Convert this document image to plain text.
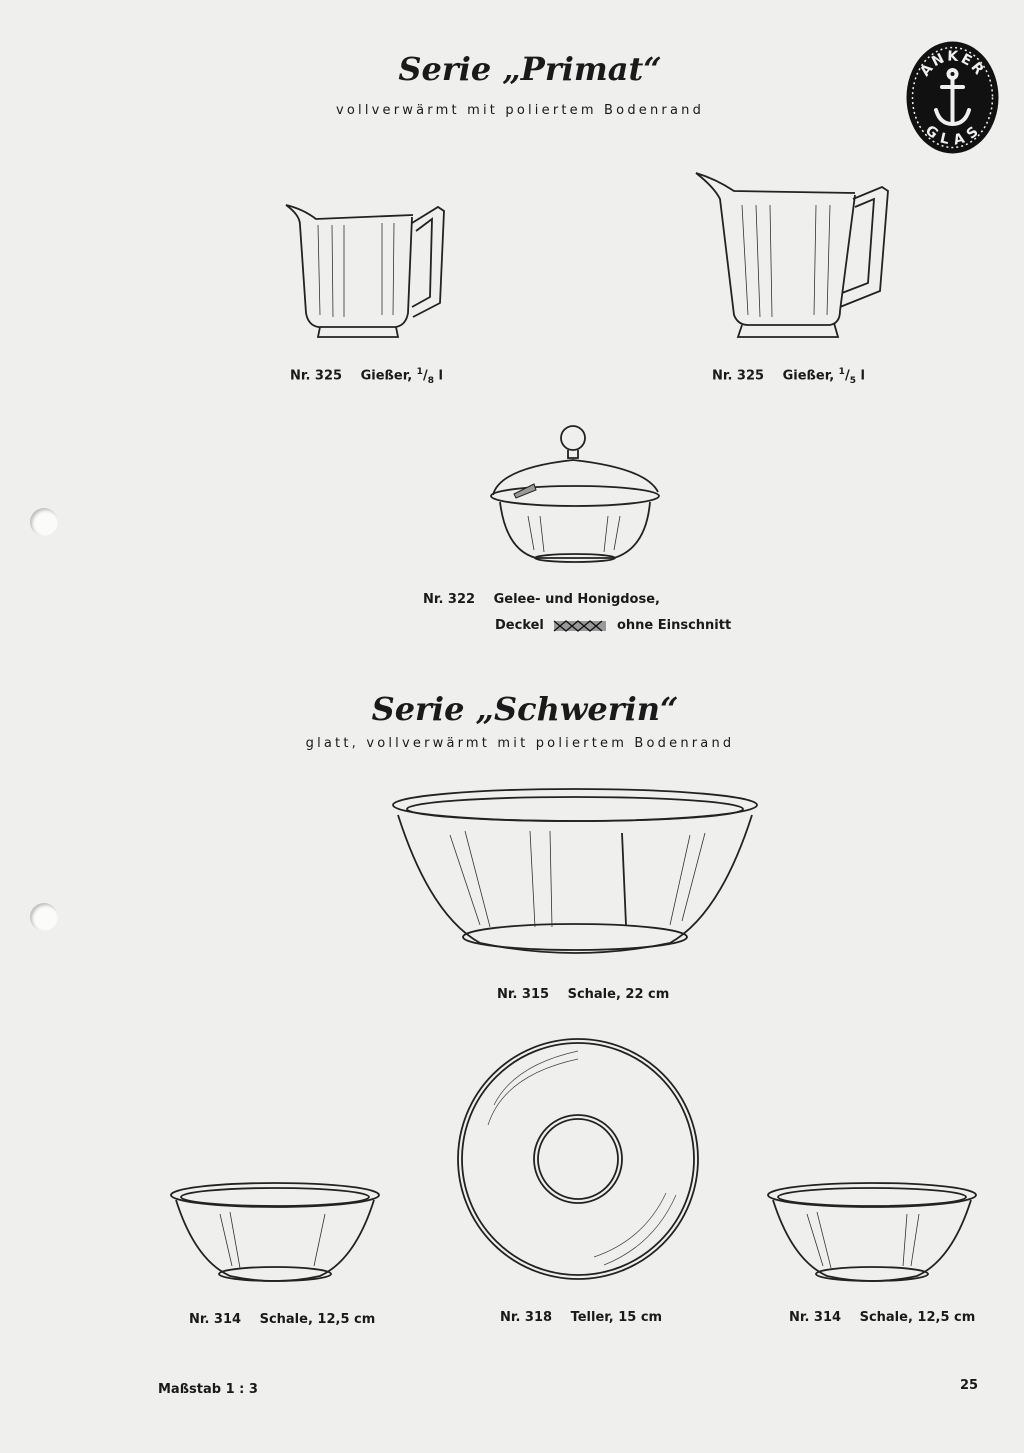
Serie „Primat“
vollverwärmt mit poliertem Bodenrand
ANKER
GLAS
Nr. 325 Gießer, $^1/_8$ l	Nr. 325 Gießer, $^1/_5$ l
Nr. 322 Gelee- und Honigdose,
Deckel	ohne Einschnitt
Serie „Schwerin“
glatt, vollverwärmt mit poliertem Bodenrand
Nr. 315 Schale, 22 cm
Nr. 314 Schale, 12,5 cm	Nr. 318 Teller, 15 cm	Nr. 314 Schale, 12,5 cm
Maßstab 1 : 3	25
